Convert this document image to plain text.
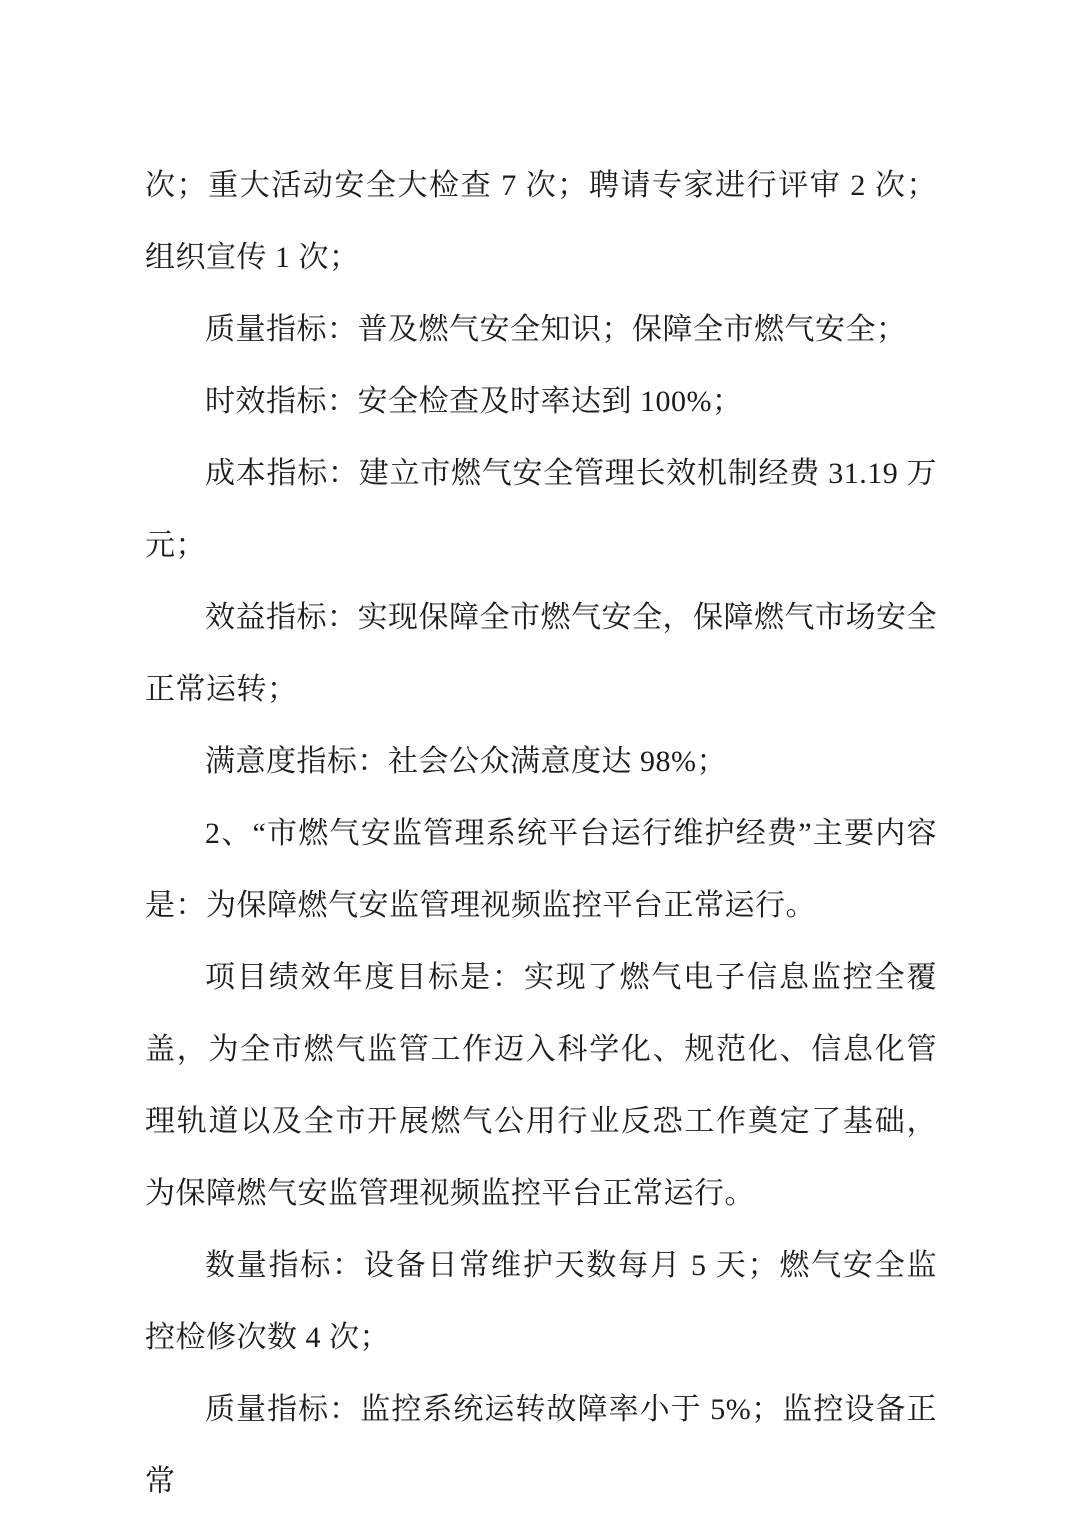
次；重大活动安全大检查 7 次；聘请专家进行评审 2 次；组织宣传 1 次；

质量指标：普及燃气安全知识；保障全市燃气安全；

时效指标：安全检查及时率达到 100%；

成本指标：建立市燃气安全管理长效机制经费 31.19 万元；

效益指标：实现保障全市燃气安全，保障燃气市场安全正常运转；

满意度指标：社会公众满意度达 98%；

2、“市燃气安监管理系统平台运行维护经费”主要内容是：为保障燃气安监管理视频监控平台正常运行。

项目绩效年度目标是：实现了燃气电子信息监控全覆盖，为全市燃气监管工作迈入科学化、规范化、信息化管理轨道以及全市开展燃气公用行业反恐工作奠定了基础，为保障燃气安监管理视频监控平台正常运行。

数量指标：设备日常维护天数每月 5 天；燃气安全监控检修次数 4 次；

质量指标：监控系统运转故障率小于 5%；监控设备正常
